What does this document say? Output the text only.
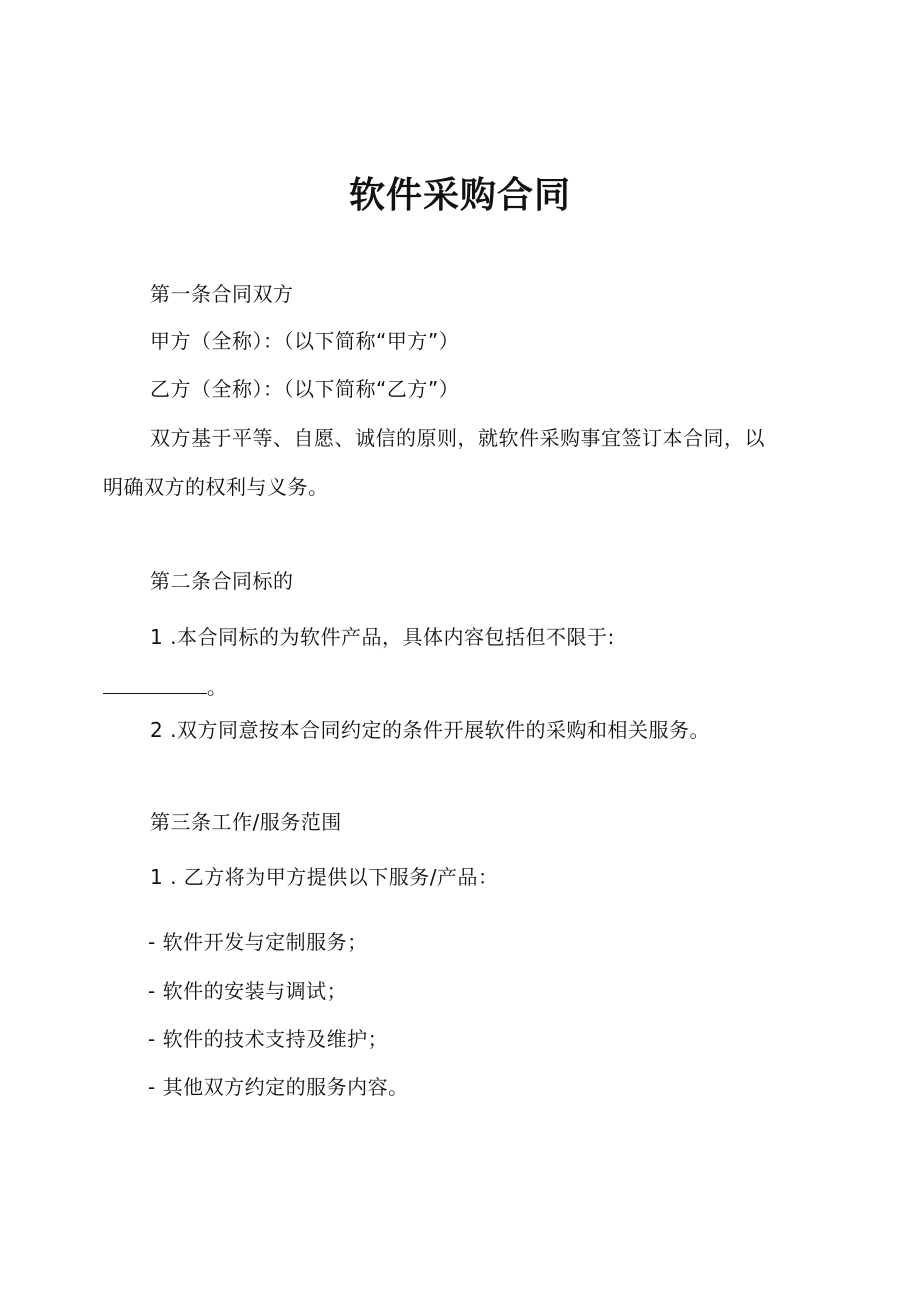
软件采购合同
第一条合同双方
甲方（全称）：（以下简称“甲方”）
乙方（全称）：（以下简称“乙方”）
双方基于平等、自愿、诚信的原则，就软件采购事宜签订本合同，以
明确双方的权利与义务。
第二条合同标的
1 .本合同标的为软件产品，具体内容包括但不限于:
。
2 .双方同意按本合同约定的条件开展软件的采购和相关服务。
第三条工作/服务范围
1 . 乙方将为甲方提供以下服务/产品：
- 软件开发与定制服务；
- 软件的安装与调试；
- 软件的技术支持及维护；
- 其他双方约定的服务内容。
